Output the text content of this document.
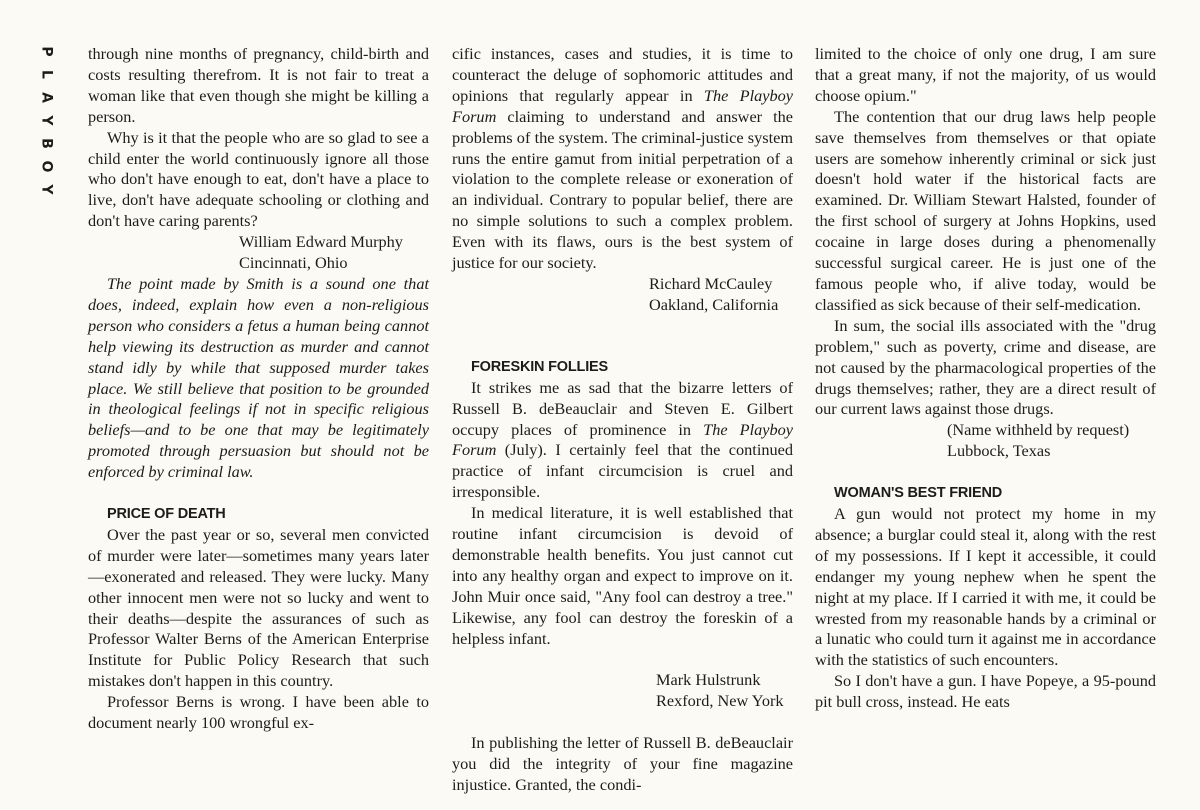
P
L
A
Y
B
O
Y

through nine months of pregnancy, child-birth and costs resulting therefrom. It is not fair to treat a woman like that even though she might be killing a person.

Why is it that the people who are so glad to see a child enter the world continuously ignore all those who don't have enough to eat, don't have a place to live, don't have adequate schooling or clothing and don't have caring parents?

William Edward Murphy

Cincinnati, Ohio

The point made by Smith is a sound one that does, indeed, explain how even a non-religious person who considers a fetus a human being cannot help viewing its destruction as murder and cannot stand idly by while that supposed murder takes place. We still believe that position to be grounded in theological feelings if not in specific religious beliefs—and to be one that may be legitimately promoted through persuasion but should not be enforced by criminal law.

PRICE OF DEATH

Over the past year or so, several men convicted of murder were later—sometimes many years later—exonerated and released. They were lucky. Many other innocent men were not so lucky and went to their deaths—despite the assurances of such as Professor Walter Berns of the American Enterprise Institute for Public Policy Research that such mistakes don't happen in this country.

Professor Berns is wrong. I have been able to document nearly 100 wrongful ex-

cific instances, cases and studies, it is time to counteract the deluge of sophomoric attitudes and opinions that regularly appear in The Playboy Forum claiming to understand and answer the problems of the system. The criminal-justice system runs the entire gamut from initial perpetration of a violation to the complete release or exoneration of an individual. Contrary to popular belief, there are no simple solutions to such a complex problem. Even with its flaws, ours is the best system of justice for our society.

Richard McCauley

Oakland, California

FORESKIN FOLLIES

It strikes me as sad that the bizarre letters of Russell B. deBeauclair and Steven E. Gilbert occupy places of prominence in The Playboy Forum (July). I certainly feel that the continued practice of infant circumcision is cruel and irresponsible.

In medical literature, it is well established that routine infant circumcision is devoid of demonstrable health benefits. You just cannot cut into any healthy organ and expect to improve on it. John Muir once said, "Any fool can destroy a tree." Likewise, any fool can destroy the foreskin of a helpless infant.

Mark Hulstrunk

Rexford, New York

In publishing the letter of Russell B. deBeauclair you did the integrity of your fine magazine injustice. Granted, the condi-

limited to the choice of only one drug, I am sure that a great many, if not the majority, of us would choose opium."

The contention that our drug laws help people save themselves from themselves or that opiate users are somehow inherently criminal or sick just doesn't hold water if the historical facts are examined. Dr. William Stewart Halsted, founder of the first school of surgery at Johns Hopkins, used cocaine in large doses during a phenomenally successful surgical career. He is just one of the famous people who, if alive today, would be classified as sick because of their self-medication.

In sum, the social ills associated with the "drug problem," such as poverty, crime and disease, are not caused by the pharmacological properties of the drugs themselves; rather, they are a direct result of our current laws against those drugs.

(Name withheld by request)

Lubbock, Texas

WOMAN'S BEST FRIEND

A gun would not protect my home in my absence; a burglar could steal it, along with the rest of my possessions. If I kept it accessible, it could endanger my young nephew when he spent the night at my place. If I carried it with me, it could be wrested from my reasonable hands by a criminal or a lunatic who could turn it against me in accordance with the statistics of such encounters.

So I don't have a gun. I have Popeye, a 95-pound pit bull cross, instead. He eats
